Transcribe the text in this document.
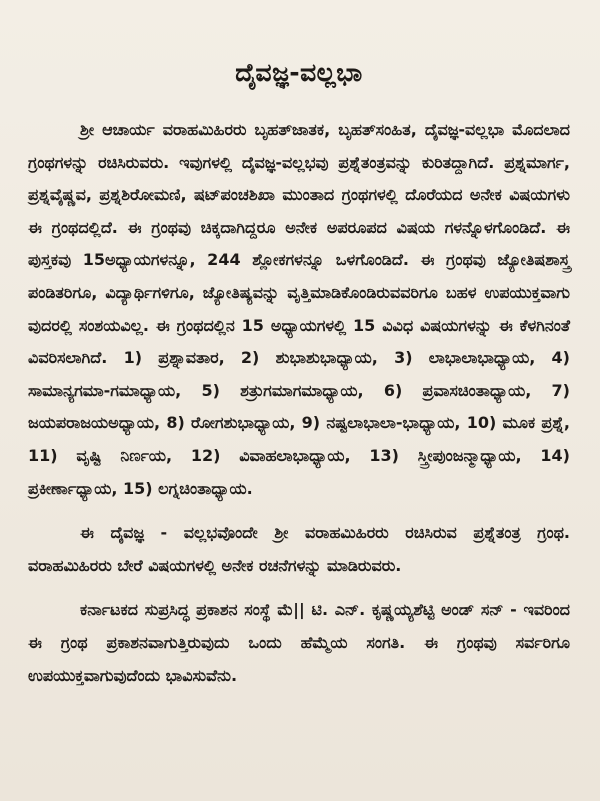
ದೈವಜ್ಞ-ವಲ್ಲಭಾ

ಶ್ರೀ ಆಚಾರ್ಯ ವರಾಹಮಿಹಿರರು ಬೃಹತ್‌ಜಾತಕ, ಬೃಹತ್‌ಸಂಹಿತ, ದೈವಜ್ಞ-ವಲ್ಲಭಾ ಮೊದಲಾದ ಗ್ರಂಥಗಳನ್ನು ರಚಿಸಿರುವರು. ಇವುಗಳಲ್ಲಿ ದೈವಜ್ಞ-ವಲ್ಲಭವು ಪ್ರಶ್ನೆತಂತ್ರವನ್ನು ಕುರಿತದ್ದಾಗಿದೆ. ಪ್ರಶ್ನಮಾರ್ಗ, ಪ್ರಶ್ನವೈಷ್ಣವ, ಪ್ರಶ್ನಶಿರೋಮಣಿ, ಷಟ್‌ಪಂಚಶಿಖಾ ಮುಂತಾದ ಗ್ರಂಥಗಳಲ್ಲಿ ದೊರೆಯದ ಅನೇಕ ವಿಷಯಗಳು ಈ ಗ್ರಂಥದಲ್ಲಿದೆ. ಈ ಗ್ರಂಥವು ಚಿಕ್ಕದಾಗಿದ್ದರೂ ಅನೇಕ ಅಪರೂಪದ ವಿಷಯ ಗಳನ್ನೊಳಗೊಂಡಿದೆ. ಈ ಪುಸ್ತಕವು 15ಅಧ್ಯಾಯಗಳನ್ನೂ, 244 ಶ್ಲೋಕಗಳನ್ನೂ ಒಳಗೊಂಡಿದೆ. ಈ ಗ್ರಂಥವು ಜ್ಯೋತಿಷಶಾಸ್ತ್ರ ಪಂಡಿತರಿಗೂ, ವಿದ್ಯಾರ್ಥಿಗಳಿಗೂ, ಜ್ಯೋತಿಷ್ಯವನ್ನು ವೃತ್ತಿಮಾಡಿಕೊಂಡಿರುವವರಿಗೂ ಬಹಳ ಉಪಯುಕ್ತವಾಗು ವುದರಲ್ಲಿ ಸಂಶಯವಿಲ್ಲ. ಈ ಗ್ರಂಥದಲ್ಲಿನ 15 ಅಧ್ಯಾಯಗಳಲ್ಲಿ 15 ವಿವಿಧ ವಿಷಯಗಳನ್ನು ಈ ಕೆಳಗಿನಂತೆ ವಿವರಿಸಲಾಗಿದೆ. 1) ಪ್ರಶ್ನಾವತಾರ, 2) ಶುಭಾಶುಭಾಧ್ಯಾಯ, 3) ಲಾಭಾಲಾಭಾಧ್ಯಾಯ, 4) ಸಾಮಾನ್ಯಗಮಾ-ಗಮಾಧ್ಯಾಯ, 5) ಶತ್ರುಗಮಾಗಮಾಧ್ಯಾಯ, 6) ಪ್ರವಾಸಚಿಂತಾಧ್ಯಾಯ, 7) ಜಯಪರಾಜಯಅಧ್ಯಾಯ, 8) ರೋಗಶುಭಾಧ್ಯಾಯ, 9) ನಷ್ಟಲಾಭಾಲಾ-ಭಾಧ್ಯಾಯ, 10) ಮೂಕ ಪ್ರಶ್ನೆ, 11) ವೃಷ್ಟಿ ನಿರ್ಣಯ, 12) ವಿವಾಹಲಾಭಾಧ್ಯಾಯ, 13) ಸ್ತ್ರೀಪುಂಜನ್ಮಾಧ್ಯಾಯ, 14) ಪ್ರಕೀರ್ಣಾಧ್ಯಾಯ, 15) ಲಗ್ನಚಿಂತಾಧ್ಯಾಯ.

ಈ ದೈವಜ್ಞ - ವಲ್ಲಭವೊಂದೇ ಶ್ರೀ ವರಾಹಮಿಹಿರರು ರಚಿಸಿರುವ ಪ್ರಶ್ನೆತಂತ್ರ ಗ್ರಂಥ. ವರಾಹಮಿಹಿರರು ಬೇರೆ ವಿಷಯಗಳಲ್ಲಿ ಅನೇಕ ರಚನೆಗಳನ್ನು ಮಾಡಿರುವರು.

ಕರ್ನಾಟಕದ ಸುಪ್ರಸಿದ್ಧ ಪ್ರಕಾಶನ ಸಂಸ್ಥೆ ಮೆ|| ಟಿ. ಎನ್. ಕೃಷ್ಣಯ್ಯಶೆಟ್ಟಿ ಅಂಡ್ ಸನ್ - ಇವರಿಂದ ಈ ಗ್ರಂಥ ಪ್ರಕಾಶನವಾಗುತ್ತಿರುವುದು ಒಂದು ಹೆಮ್ಮೆಯ ಸಂಗತಿ. ಈ ಗ್ರಂಥವು ಸರ್ವರಿಗೂ ಉಪಯುಕ್ತವಾಗುವುದೆಂದು ಭಾವಿಸುವೆನು.
